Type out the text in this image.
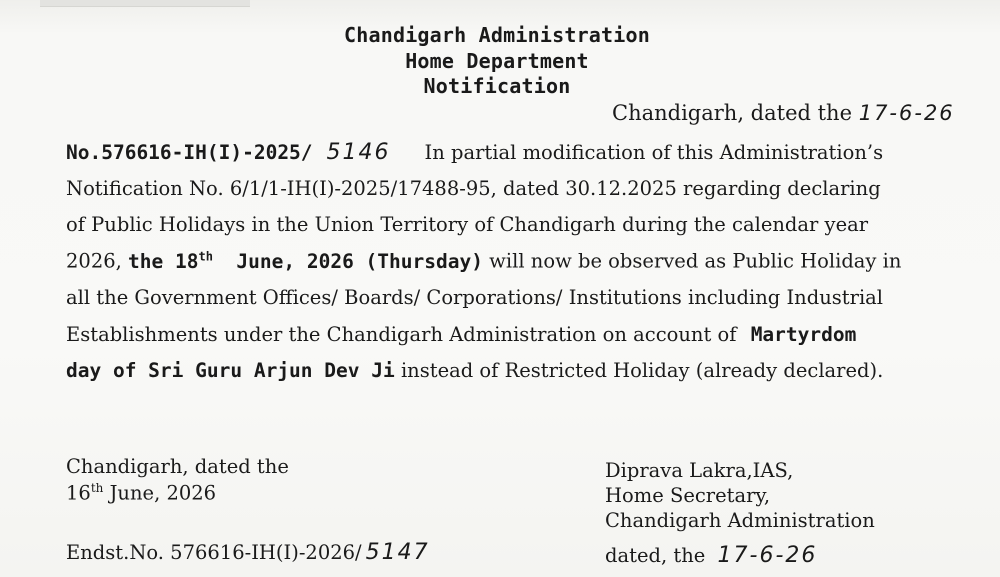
Chandigarh Administration
Home Department
Notification
Chandigarh, dated the 17-6-26
No.576616-IH(I)-2025/ 5146 In partial modification of this Administration’s
Notification No. 6/1/1-IH(I)-2025/17488-95, dated 30.12.2025 regarding declaring
of Public Holidays in the Union Territory of Chandigarh during the calendar year
2026, the 18th June, 2026 (Thursday) will now be observed as Public Holiday in
all the Government Offices/ Boards/ Corporations/ Institutions including Industrial
Establishments under the Chandigarh Administration on account of Martyrdom
day of Sri Guru Arjun Dev Ji instead of Restricted Holiday (already declared).
Chandigarh, dated the
16th June, 2026
Diprava Lakra,IAS,
Home Secretary,
Chandigarh Administration
Endst.No. 576616-IH(I)-2026/ 5147	dated, the 17-6-26
